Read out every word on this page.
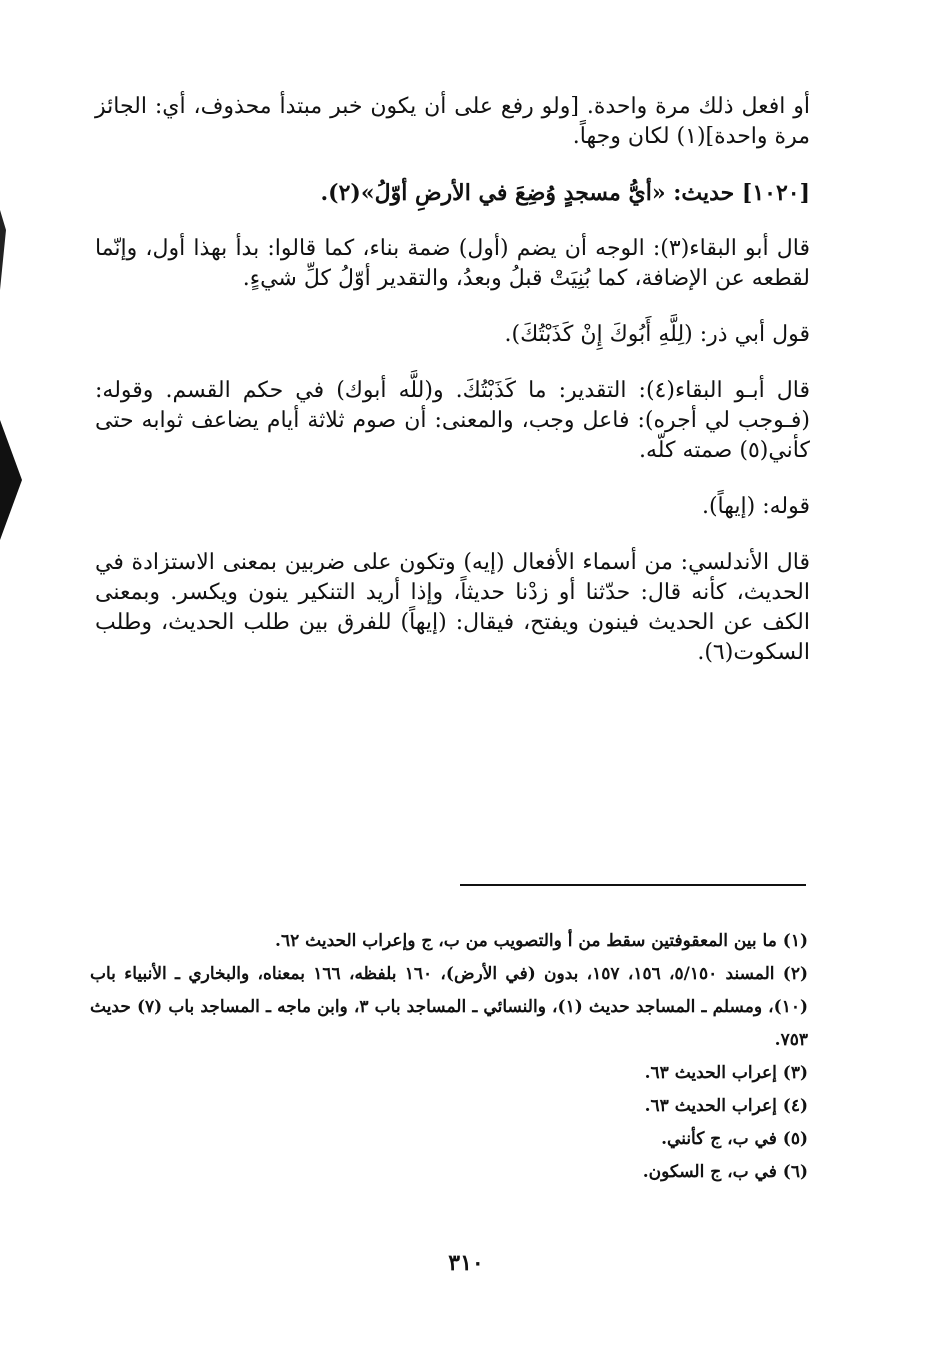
أو افعل ذلك مرة واحدة. [ولو رفع على أن يكون خبر مبتدأ محذوف، أي: الجائز مرة واحدة](١) لكان وجهاً.

[١٠٢٠] حديث: «أيُّ مسجدٍ وُضِعَ في الأرضِ أوّلُ»(٢).

قال أبو البقاء(٣): الوجه أن يضم (أول) ضمة بناء، كما قالوا: بدأ بهذا أول، وإنّما لقطعه عن الإضافة، كما بُنِيَتْ قبلُ وبعدُ، والتقدير أوّلُ كلِّ شيءٍ.

قول أبي ذر: (لِلَّهِ أَبُوكَ إِنْ كَذَبْتُكَ).

قال أبـو البقاء(٤): التقدير: ما كَذَبْتُكَ. و(للَّه أبوك) في حكم القسم. وقوله: (فـوجب لي أجره): فاعل وجب، والمعنى: أن صوم ثلاثة أيام يضاعف ثوابه حتى كأني(٥) صمته كلّه.

قوله: (إيهاً).

قال الأندلسي: من أسماء الأفعال (إيه) وتكون على ضربين بمعنى الاستزادة في الحديث، كأنه قال: حدّثنا أو زدْنا حديثاً، وإذا أريد التنكير ينون ويكسر. وبمعنى الكف عن الحديث فينون ويفتح، فيقال: (إيهاً) للفرق بين طلب الحديث، وطلب السكوت(٦).

(١) ما بين المعقوفتين سقط من أ والتصويب من ب، ج وإعراب الحديث ٦٢.

(٢) المسند ٥/١٥٠، ١٥٦، ١٥٧، بدون (في الأرض)، ١٦٠ بلفظه، ١٦٦ بمعناه، والبخاري ـ الأنبياء باب (١٠)، ومسلم ـ المساجد حديث (١)، والنسائي ـ المساجد باب ٣، وابن ماجه ـ المساجد باب (٧) حديث ٧٥٣.

(٣) إعراب الحديث ٦٣.

(٤) إعراب الحديث ٦٣.

(٥) في ب، ج كأنني.

(٦) في ب، ج السكون.

٣١٠
